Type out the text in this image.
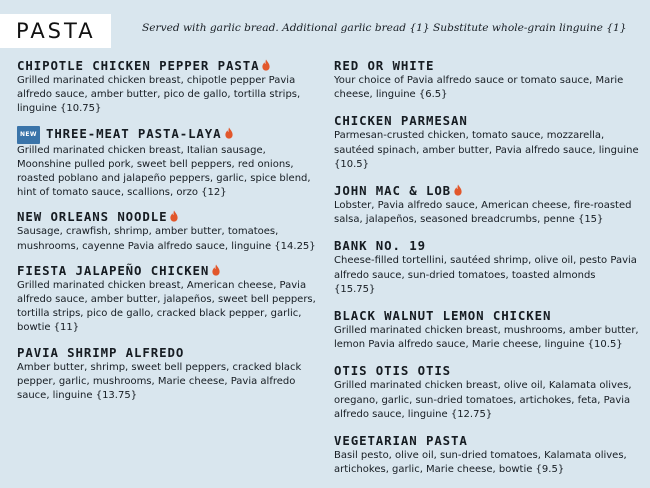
PASTA	Served with garlic bread. Additional garlic bread {1} Substitute whole-grain linguine {1}
CHIPOTLE CHICKEN PEPPER PASTA
Grilled marinated chicken breast, chipotle pepper Pavia alfredo sauce, amber butter, pico de gallo, tortilla strips, linguine {10.75}
NEW THREE-MEAT PASTA-LAYA
Grilled marinated chicken breast, Italian sausage, Moonshine pulled pork, sweet bell peppers, red onions, roasted poblano and jalapeño peppers, garlic, spice blend, hint of tomato sauce, scallions, orzo {12}
NEW ORLEANS NOODLE
Sausage, crawfish, shrimp, amber butter, tomatoes, mushrooms, cayenne Pavia alfredo sauce, linguine {14.25}
FIESTA JALAPEÑO CHICKEN
Grilled marinated chicken breast, American cheese, Pavia alfredo sauce, amber butter, jalapeños, sweet bell peppers, tortilla strips, pico de gallo, cracked black pepper, garlic, bowtie {11}
PAVIA SHRIMP ALFREDO
Amber butter, shrimp, sweet bell peppers, cracked black pepper, garlic, mushrooms, Marie cheese, Pavia alfredo sauce, linguine {13.75}
RED OR WHITE
Your choice of Pavia alfredo sauce or tomato sauce, Marie cheese, linguine {6.5}
CHICKEN PARMESAN
Parmesan-crusted chicken, tomato sauce, mozzarella, sautéed spinach, amber butter, Pavia alfredo sauce, linguine {10.5}
JOHN MAC & LOB
Lobster, Pavia alfredo sauce, American cheese, fire-roasted salsa, jalapeños, seasoned breadcrumbs, penne {15}
BANK NO. 19
Cheese-filled tortellini, sautéed shrimp, olive oil, pesto Pavia alfredo sauce, sun-dried tomatoes, toasted almonds {15.75}
BLACK WALNUT LEMON CHICKEN
Grilled marinated chicken breast, mushrooms, amber butter, lemon Pavia alfredo sauce, Marie cheese, linguine {10.5}
OTIS OTIS OTIS
Grilled marinated chicken breast, olive oil, Kalamata olives, oregano, garlic, sun-dried tomatoes, artichokes, feta, Pavia alfredo sauce, linguine {12.75}
VEGETARIAN PASTA
Basil pesto, olive oil, sun-dried tomatoes, Kalamata olives, artichokes, garlic, Marie cheese, bowtie {9.5}
